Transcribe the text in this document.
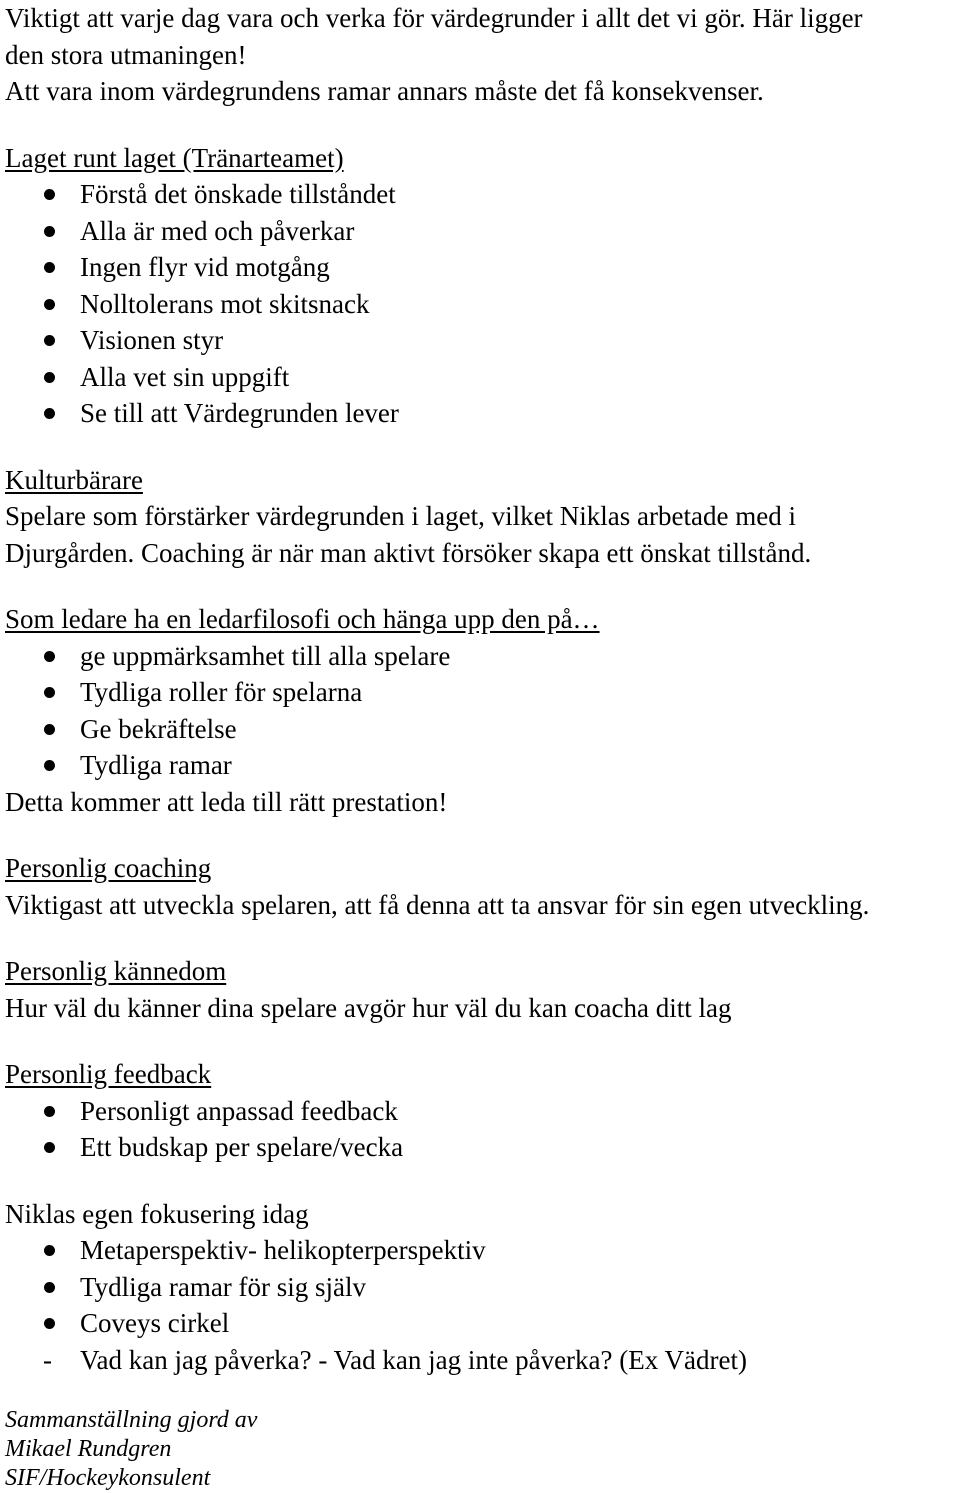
Viktigt att varje dag vara och verka för värdegrunder i allt det vi gör. Här ligger

den stora utmaningen!

Att vara inom värdegrundens ramar annars måste det få konsekvenser.

Laget runt laget (Tränarteamet)

Förstå det önskade tillståndet
Alla är med och påverkar
Ingen flyr vid motgång
Nolltolerans mot skitsnack
Visionen styr
Alla vet sin uppgift
Se till att Värdegrunden lever

Kulturbärare

Spelare som förstärker värdegrunden i laget, vilket Niklas arbetade med i

Djurgården. Coaching är när man aktivt försöker skapa ett önskat tillstånd.

Som ledare ha en ledarfilosofi och hänga upp den på…

ge uppmärksamhet till alla spelare
Tydliga roller för spelarna
Ge bekräftelse
Tydliga ramar

Detta kommer att leda till rätt prestation!

Personlig coaching

Viktigast att utveckla spelaren, att få denna att ta ansvar för sin egen utveckling.

Personlig kännedom

Hur väl du känner dina spelare avgör hur väl du kan coacha ditt lag

Personlig feedback

Personligt anpassad feedback
Ett budskap per spelare/vecka

Niklas egen fokusering idag

Metaperspektiv- helikopterperspektiv
Tydliga ramar för sig själv
Coveys cirkel
- Vad kan jag påverka? - Vad kan jag inte påverka? (Ex Vädret)
Sammanställning gjord av
Mikael Rundgren
SIF/Hockeykonsulent
